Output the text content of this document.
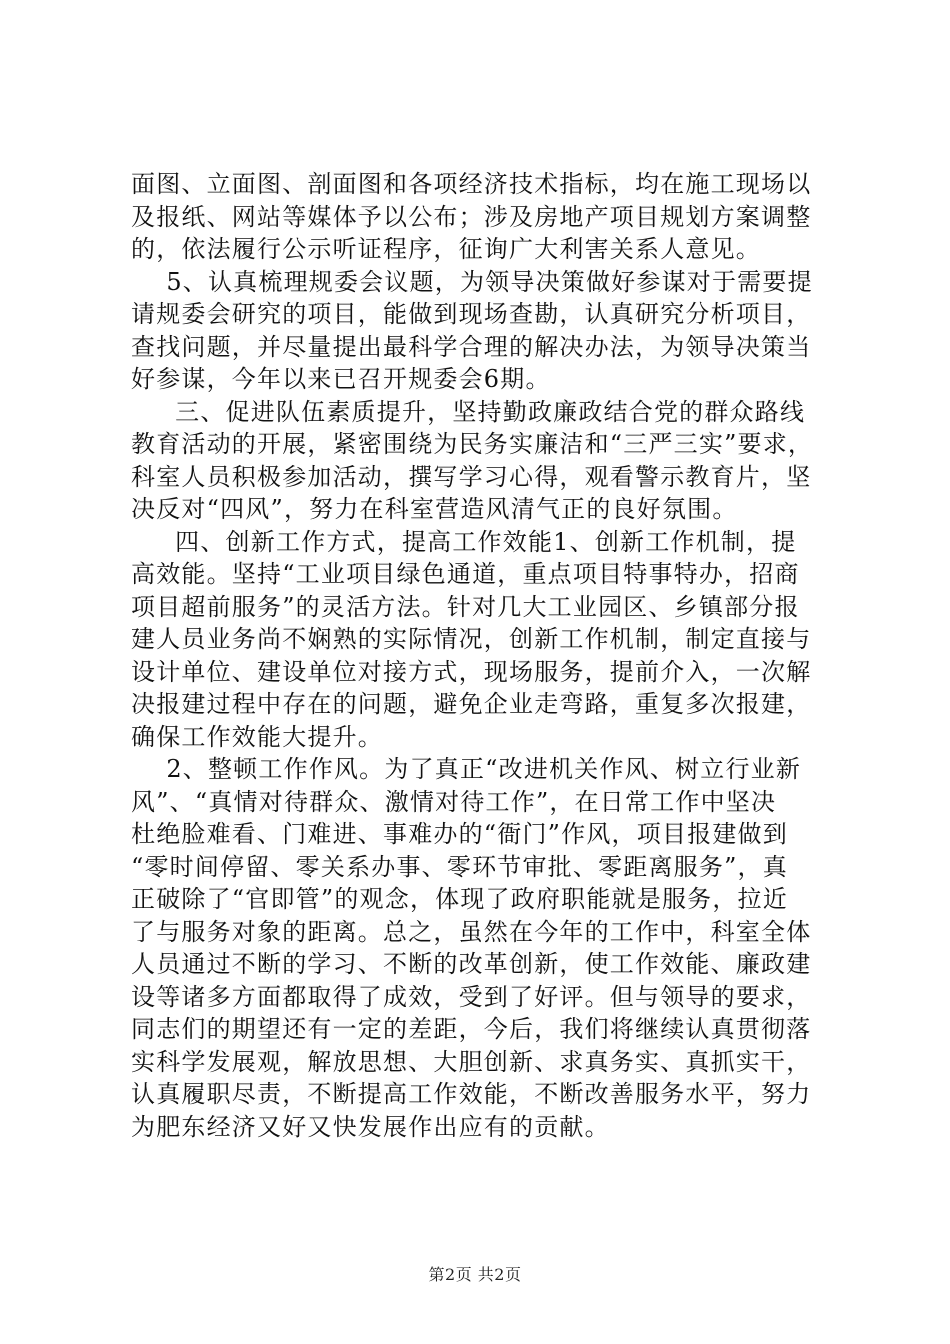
面图、立面图、剖面图和各项经济技术指标，均在施工现场以
及报纸、网站等媒体予以公布；涉及房地产项目规划方案调整
的，依法履行公示听证程序，征询广大利害关系人意见。
5、认真梳理规委会议题，为领导决策做好参谋对于需要提
请规委会研究的项目，能做到现场查勘，认真研究分析项目，
查找问题，并尽量提出最科学合理的解决办法，为领导决策当
好参谋，今年以来已召开规委会6期。
三、促进队伍素质提升，坚持勤政廉政结合党的群众路线
教育活动的开展，紧密围绕为民务实廉洁和“三严三实”要求，
科室人员积极参加活动，撰写学习心得，观看警示教育片，坚
决反对“四风”，努力在科室营造风清气正的良好氛围。
四、创新工作方式，提高工作效能1、创新工作机制，提
高效能。坚持“工业项目绿色通道，重点项目特事特办，招商
项目超前服务”的灵活方法。针对几大工业园区、乡镇部分报
建人员业务尚不娴熟的实际情况，创新工作机制，制定直接与
设计单位、建设单位对接方式，现场服务，提前介入，一次解
决报建过程中存在的问题，避免企业走弯路，重复多次报建，
确保工作效能大提升。
2、整顿工作作风。为了真正“改进机关作风、树立行业新
风”、“真情对待群众、激情对待工作”，在日常工作中坚决
杜绝脸难看、门难进、事难办的“衙门”作风，项目报建做到
“零时间停留、零关系办事、零环节审批、零距离服务”，真
正破除了“官即管”的观念，体现了政府职能就是服务，拉近
了与服务对象的距离。总之，虽然在今年的工作中，科室全体
人员通过不断的学习、不断的改革创新，使工作效能、廉政建
设等诸多方面都取得了成效，受到了好评。但与领导的要求，
同志们的期望还有一定的差距，今后，我们将继续认真贯彻落
实科学发展观，解放思想、大胆创新、求真务实、真抓实干，
认真履职尽责，不断提高工作效能，不断改善服务水平，努力
为肥东经济又好又快发展作出应有的贡献。
第2页 共2页
